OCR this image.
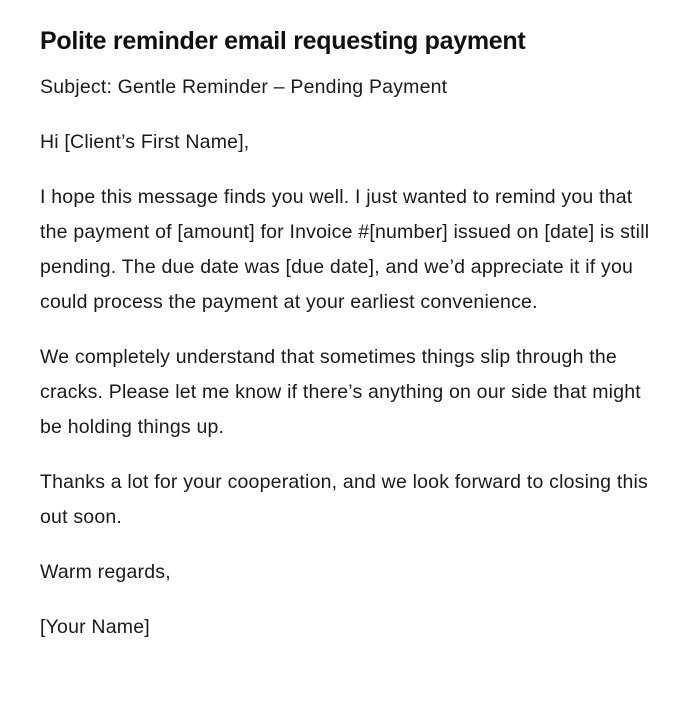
Polite reminder email requesting payment

Subject: Gentle Reminder – Pending Payment

Hi [Client’s First Name],

I hope this message finds you well. I just wanted to remind you that the payment of [amount] for Invoice #[number] issued on [date] is still pending. The due date was [due date], and we’d appreciate it if you could process the payment at your earliest convenience.

We completely understand that sometimes things slip through the cracks. Please let me know if there’s anything on our side that might be holding things up.

Thanks a lot for your cooperation, and we look forward to closing this out soon.

Warm regards,

[Your Name]
